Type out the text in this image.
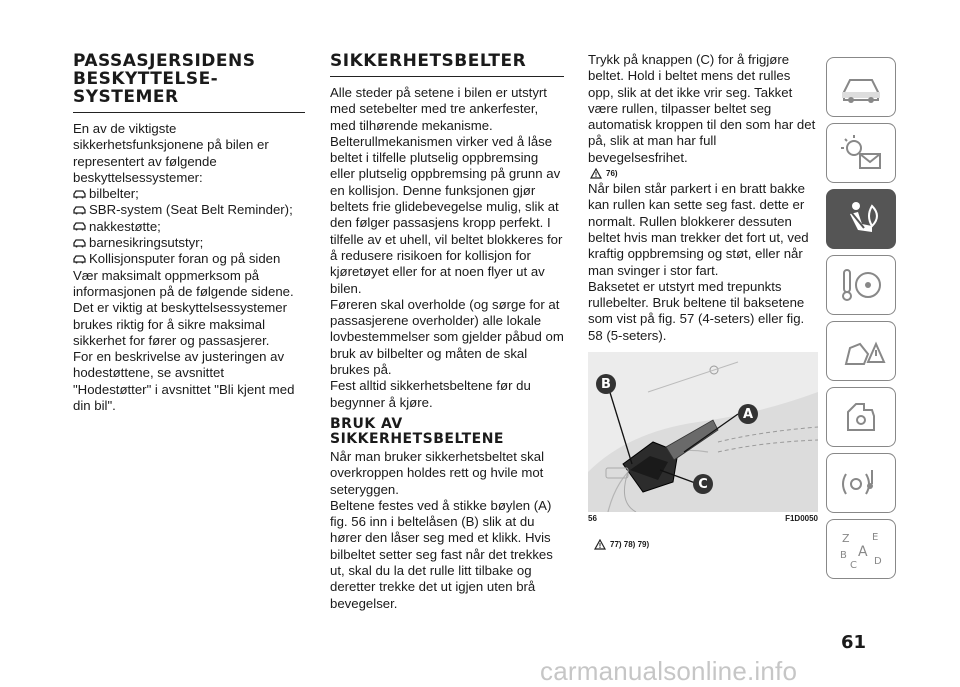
PASSASJERSIDENS BESKYTTELSE-SYSTEMER

En av de viktigste sikkerhetsfunksjonene på bilen er representert av følgende beskyttelsessystemer:

bilbelter;
SBR-system (Seat Belt Reminder);
nakkestøtte;
barnesikringsutstyr;
Kollisjonsputer foran og på siden

Vær maksimalt oppmerksom på informasjonen på de følgende sidene. Det er viktig at beskyttelsessystemer brukes riktig for å sikre maksimal sikkerhet for fører og passasjerer.

For en beskrivelse av justeringen av hodestøttene, se avsnittet "Hodestøtter" i avsnittet "Bli kjent med din bil".

SIKKERHETSBELTER

Alle steder på setene i bilen er utstyrt med setebelter med tre ankerfester, med tilhørende mekanisme. Belterullmekanismen virker ved å låse beltet i tilfelle plutselig oppbremsing eller plutselig oppbremsing på grunn av en kollisjon. Denne funksjonen gjør beltets frie glidebevegelse mulig, slik at den følger passasjens kropp perfekt. I tilfelle av et uhell, vil beltet blokkeres for å redusere risikoen for kollisjon for kjøretøyet eller for at noen flyer ut av bilen.

Føreren skal overholde (og sørge for at passasjerene overholder) alle lokale lovbestemmelser som gjelder påbud om bruk av bilbelter og måten de skal brukes på.

Fest alltid sikkerhetsbeltene før du begynner å kjøre.

BRUK AV SIKKERHETSBELTENE

Når man bruker sikkerhetsbeltet skal overkroppen holdes rett og hvile mot seteryggen.

Beltene festes ved å stikke bøylen (A) fig. 56 inn i beltelåsen (B) slik at du hører den låser seg med et klikk. Hvis bilbeltet setter seg fast når det trekkes ut, skal du la det rulle litt tilbake og deretter trekke det ut igjen uten brå bevegelser.

Trykk på knappen (C) for å frigjøre beltet. Hold i beltet mens det rulles opp, slik at det ikke vrir seg. Takket være rullen, tilpasser beltet seg automatisk kroppen til den som har det på, slik at man har full bevegelsesfrihet.

76)

Når bilen står parkert i en bratt bakke kan rullen kan sette seg fast. dette er normalt. Rullen blokkerer dessuten beltet hvis man trekker det fort ut, ved kraftig oppbremsing og støt, eller når man svinger i stor fart.

Baksetet er utstyrt med trepunkts rullebelter. Bruk beltene til baksetene som vist på fig. 57 (4-seters) eller fig. 58 (5-seters).

B
A
C
56	F1D0050
77) 78) 79)	Z E
B A
C D
61
carmanualsonline.info
